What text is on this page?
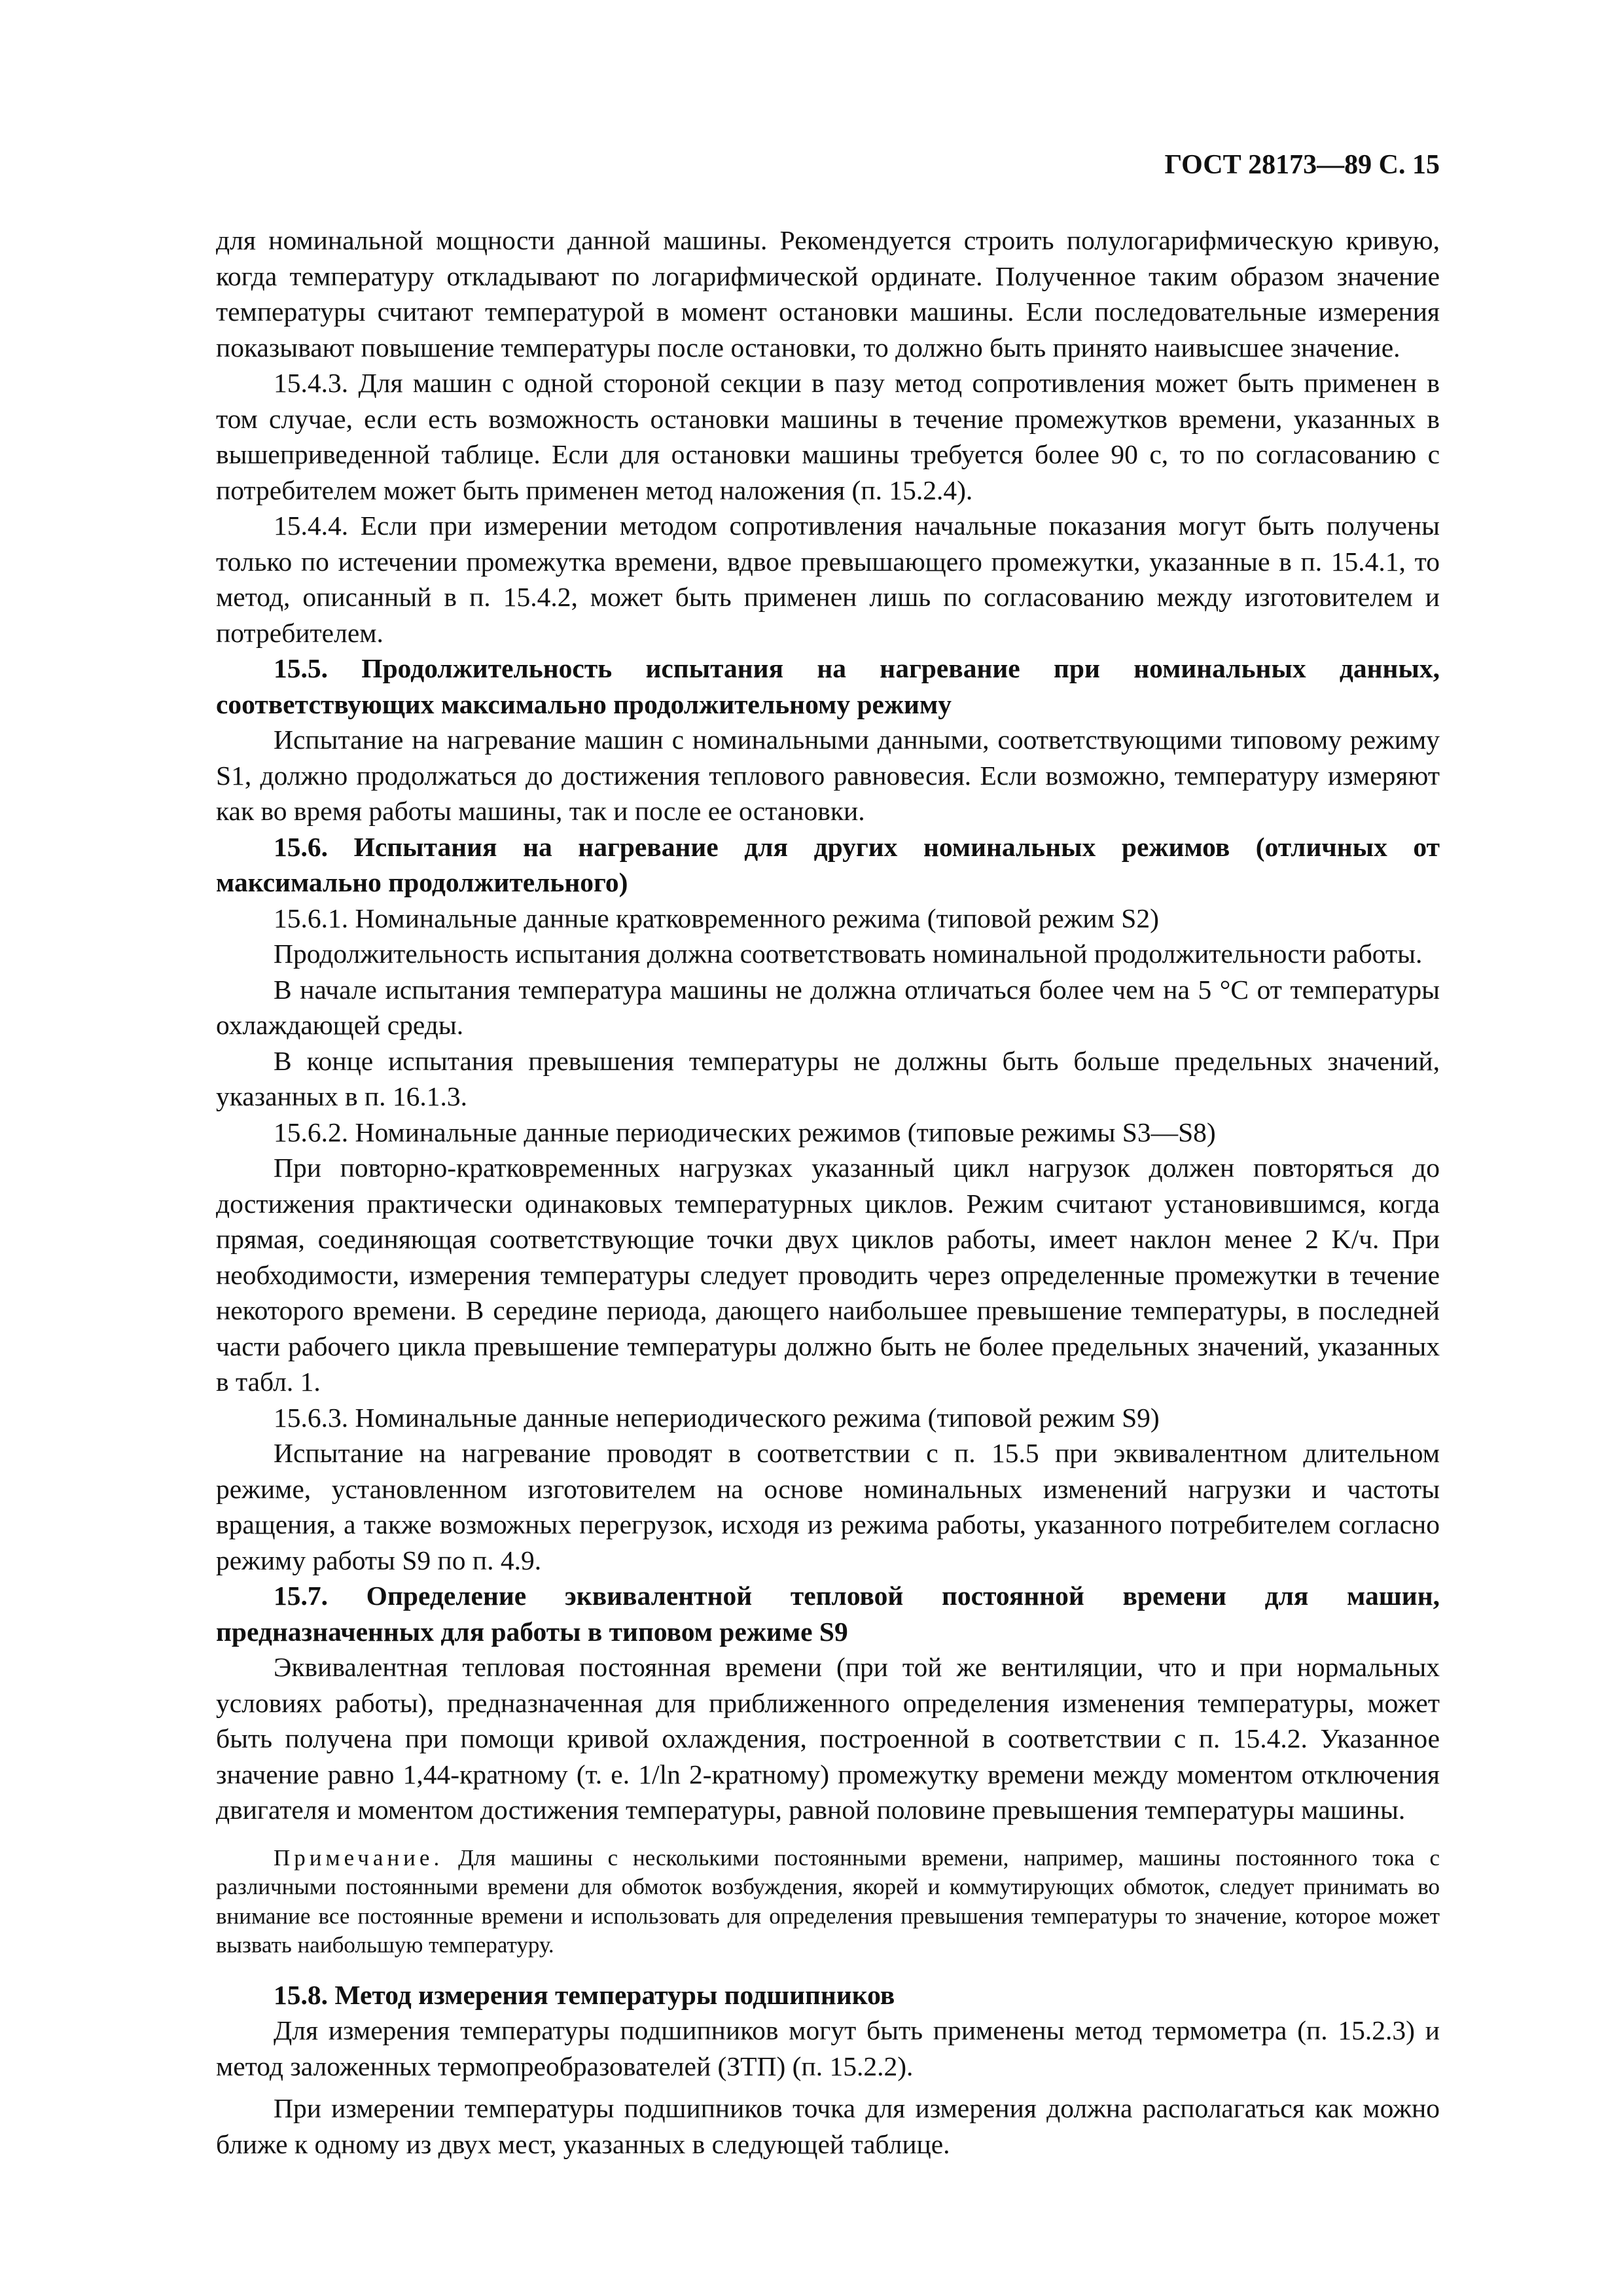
ГОСТ 28173—89 С. 15

для номинальной мощности данной машины. Рекомендуется строить полулогарифмическую кривую, когда температуру откладывают по логарифмической ординате. Полученное таким образом значение температуры считают температурой в момент остановки машины. Если последовательные измерения показывают повышение температуры после остановки, то должно быть принято наивысшее значение.

15.4.3. Для машин с одной стороной секции в пазу метод сопротивления может быть применен в том случае, если есть возможность остановки машины в течение промежутков времени, указанных в вышеприведенной таблице. Если для остановки машины требуется более 90 с, то по согласованию с потребителем может быть применен метод наложения (п. 15.2.4).

15.4.4. Если при измерении методом сопротивления начальные показания могут быть получены только по истечении промежутка времени, вдвое превышающего промежутки, указанные в п. 15.4.1, то метод, описанный в п. 15.4.2, может быть применен лишь по согласованию между изготовителем и потребителем.

15.5. Продолжительность испытания на нагревание при номинальных данных, соответствующих максимально продолжительному режиму

Испытание на нагревание машин с номинальными данными, соответствующими типовому режиму S1, должно продолжаться до достижения теплового равновесия. Если возможно, температуру измеряют как во время работы машины, так и после ее остановки.

15.6. Испытания на нагревание для других номинальных режимов (отличных от максимально продолжительного)

15.6.1. Номинальные данные кратковременного режима (типовой режим S2)

Продолжительность испытания должна соответствовать номинальной продолжительности работы.

В начале испытания температура машины не должна отличаться более чем на 5 °С от температуры охлаждающей среды.

В конце испытания превышения температуры не должны быть больше предельных значений, указанных в п. 16.1.3.

15.6.2. Номинальные данные периодических режимов (типовые режимы S3—S8)

При повторно-кратковременных нагрузках указанный цикл нагрузок должен повторяться до достижения практически одинаковых температурных циклов. Режим считают установившимся, когда прямая, соединяющая соответствующие точки двух циклов работы, имеет наклон менее 2 K/ч. При необходимости, измерения температуры следует проводить через определенные промежутки в течение некоторого времени. В середине периода, дающего наибольшее превышение температуры, в последней части рабочего цикла превышение температуры должно быть не более предельных значений, указанных в табл. 1.

15.6.3. Номинальные данные непериодического режима (типовой режим S9)

Испытание на нагревание проводят в соответствии с п. 15.5 при эквивалентном длительном режиме, установленном изготовителем на основе номинальных изменений нагрузки и частоты вращения, а также возможных перегрузок, исходя из режима работы, указанного потребителем согласно режиму работы S9 по п. 4.9.

15.7. Определение эквивалентной тепловой постоянной времени для машин, предназначенных для работы в типовом режиме S9

Эквивалентная тепловая постоянная времени (при той же вентиляции, что и при нормальных условиях работы), предназначенная для приближенного определения изменения температуры, может быть получена при помощи кривой охлаждения, построенной в соответствии с п. 15.4.2. Указанное значение равно 1,44-кратному (т. е. 1/ln 2-кратному) промежутку времени между моментом отключения двигателя и моментом достижения температуры, равной половине превышения температуры машины.

Примечание. Для машины с несколькими постоянными времени, например, машины постоянного тока с различными постоянными времени для обмоток возбуждения, якорей и коммутирующих обмоток, следует принимать во внимание все постоянные времени и использовать для определения превышения температуры то значение, которое может вызвать наибольшую температуру.

15.8. Метод измерения температуры подшипников

Для измерения температуры подшипников могут быть применены метод термометра (п. 15.2.3) и метод заложенных термопреобразователей (ЗТП) (п. 15.2.2).

При измерении температуры подшипников точка для измерения должна располагаться как можно ближе к одному из двух мест, указанных в следующей таблице.
